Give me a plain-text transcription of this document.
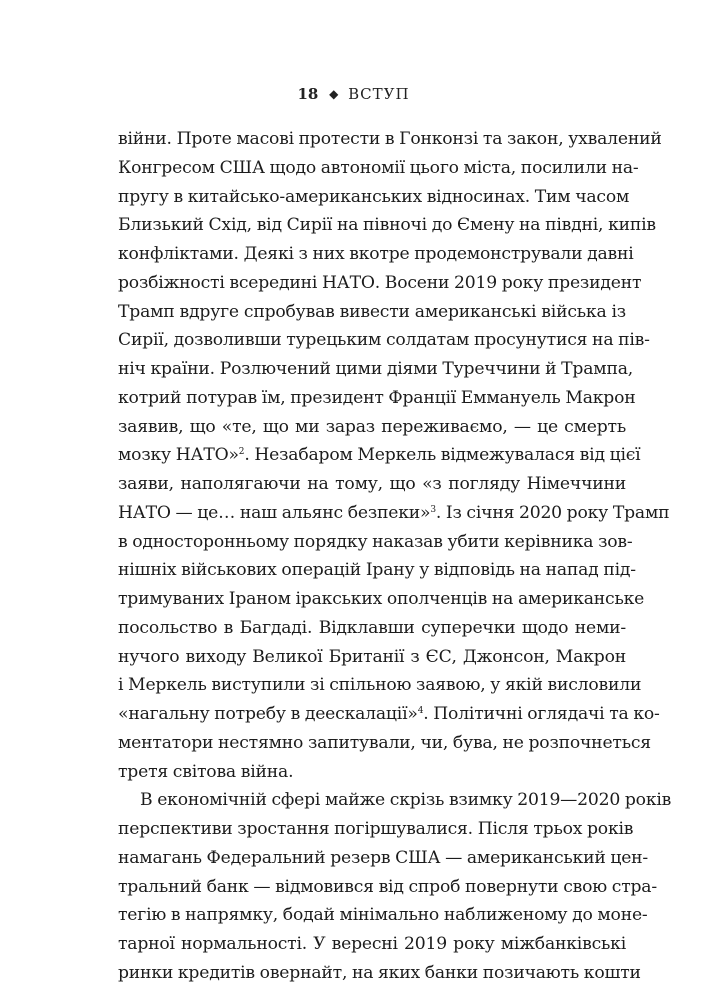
18 ◆ ВСТУП
війни. Проте масові протести в Гонконзі та закон, ухвалений
Конгресом США щодо автономії цього міста, посилили на-
пругу в китайсько-американських відносинах. Тим часом
Близький Схід, від Сирії на півночі до Ємену на півдні, кипів
конфліктами. Деякі з них вкотре продемонстрували давні
розбіжності всередині НАТО. Восени 2019 року президент
Трамп вдруге спробував вивести американські війська із
Сирії, дозволивши турецьким солдатам просунутися на пів-
ніч країни. Розлючений цими діями Туреччини й Трампа,
котрий потурав їм, президент Франції Еммануель Макрон
заявив, що «те, що ми зараз переживаємо, — це смерть
мозку НАТО»$^2$. Незабаром Меркель відмежувалася від цієї
заяви, наполягаючи на тому, що «з погляду Німеччини
НАТО — це… наш альянс безпеки»$^3$. Із січня 2020 року Трамп
в односторонньому порядку наказав убити керівника зов-
нішніх військових операцій Ірану у відповідь на напад під-
тримуваних Іраном іракських ополченців на американське
посольство в Багдаді. Відклавши суперечки щодо неми-
нучого виходу Великої Британії з ЄС, Джонсон, Макрон
і Меркель виступили зі спільною заявою, у якій висловили
«нагальну потребу в деескалації»$^4$. Політичні оглядачі та ко-
ментатори нестямно запитували, чи, бува, не розпочнеться
третя світова війна.
В економічній сфері майже скрізь взимку 2019—2020 років
перспективи зростання погіршувалися. Після трьох років
намагань Федеральний резерв США — американський цен-
тральний банк — відмовився від спроб повернути свою стра-
тегію в напрямку, бодай мінімально наближеному до моне-
тарної нормальності. У вересні 2019 року міжбанківські
ринки кредитів овернайт, на яких банки позичають кошти
